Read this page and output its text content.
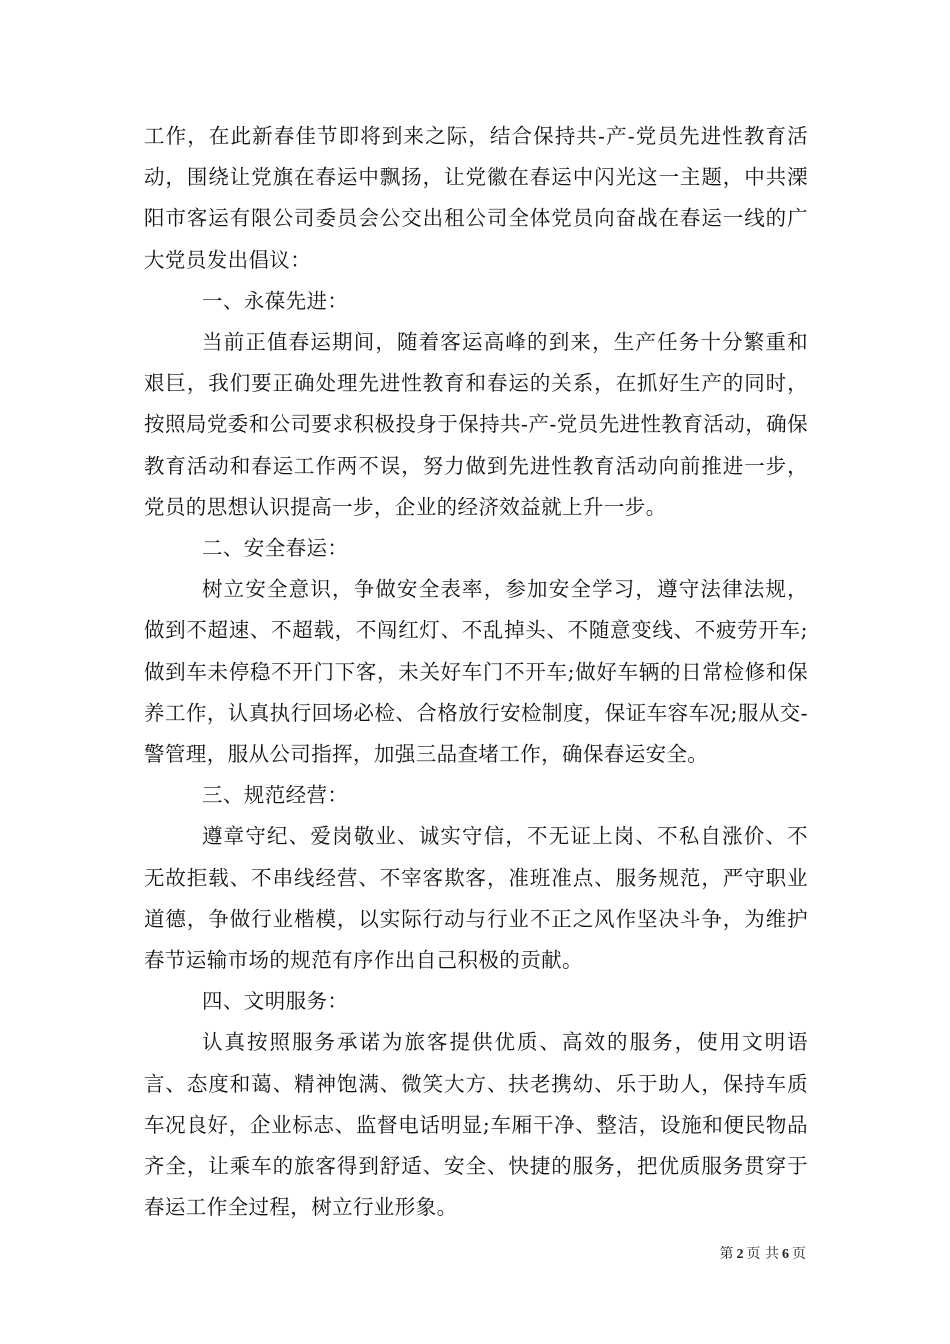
工作，在此新春佳节即将到来之际，结合保持共-产-党员先进性教育活动，围绕让党旗在春运中飘扬，让党徽在春运中闪光这一主题，中共溧阳市客运有限公司委员会公交出租公司全体党员向奋战在春运一线的广大党员发出倡议：

一、永葆先进：

当前正值春运期间，随着客运高峰的到来，生产任务十分繁重和艰巨，我们要正确处理先进性教育和春运的关系，在抓好生产的同时，按照局党委和公司要求积极投身于保持共-产-党员先进性教育活动，确保教育活动和春运工作两不误，努力做到先进性教育活动向前推进一步，党员的思想认识提高一步，企业的经济效益就上升一步。

二、安全春运：

树立安全意识，争做安全表率，参加安全学习，遵守法律法规，做到不超速、不超载，不闯红灯、不乱掉头、不随意变线、不疲劳开车;做到车未停稳不开门下客，未关好车门不开车;做好车辆的日常检修和保养工作，认真执行回场必检、合格放行安检制度，保证车容车况;服从交-警管理，服从公司指挥，加强三品查堵工作，确保春运安全。

三、规范经营：

遵章守纪、爱岗敬业、诚实守信，不无证上岗、不私自涨价、不无故拒载、不串线经营、不宰客欺客，准班准点、服务规范，严守职业道德，争做行业楷模，以实际行动与行业不正之风作坚决斗争，为维护春节运输市场的规范有序作出自己积极的贡献。

四、文明服务：

认真按照服务承诺为旅客提供优质、高效的服务，使用文明语言、态度和蔼、精神饱满、微笑大方、扶老携幼、乐于助人，保持车质车况良好，企业标志、监督电话明显;车厢干净、整洁，设施和便民物品齐全，让乘车的旅客得到舒适、安全、快捷的服务，把优质服务贯穿于春运工作全过程，树立行业形象。

第 2 页 共 6 页
